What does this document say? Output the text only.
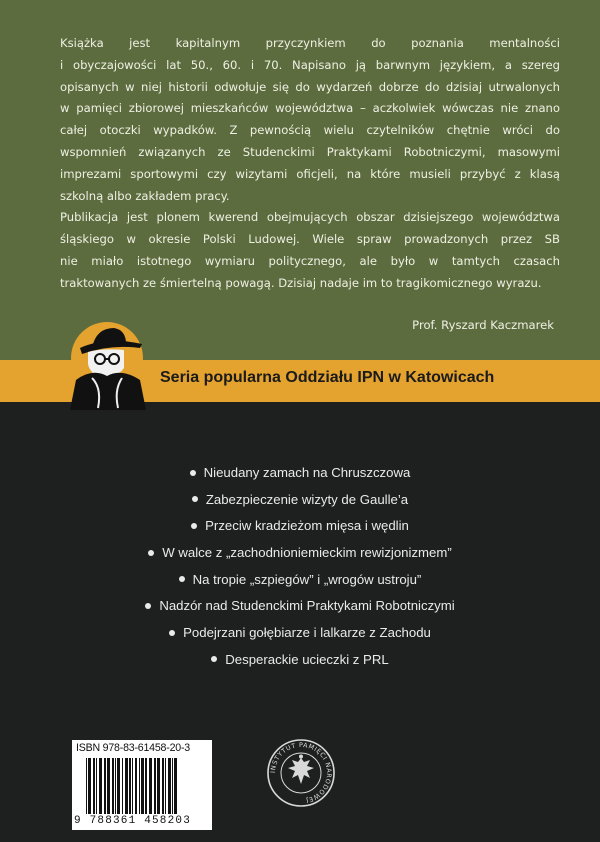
Książka jest kapitalnym przyczynkiem do poznania mentalności
i obyczajowości lat 50., 60. i 70. Napisano ją barwnym językiem, a szereg
opisanych w niej historii odwołuje się do wydarzeń dobrze do dzisiaj utrwalonych
w pamięci zbiorowej mieszkańców województwa – aczkolwiek wówczas nie znano
całej otoczki wypadków. Z pewnością wielu czytelników chętnie wróci do
wspomnień związanych ze Studenckimi Praktykami Robotniczymi, masowymi
imprezami sportowymi czy wizytami oficjeli, na które musieli przybyć z klasą
szkolną albo zakładem pracy.

Publikacja jest plonem kwerend obejmujących obszar dzisiejszego województwa
śląskiego w okresie Polski Ludowej. Wiele spraw prowadzonych przez SB
nie miało istotnego wymiaru politycznego, ale było w tamtych czasach
traktowanych ze śmiertelną powagą. Dzisiaj nadaje im to tragikomicznego wyrazu.

Prof. Ryszard Kaczmarek
Seria popularna Oddziału IPN w Katowicach
Nieudany zamach na Chruszczowa
Zabezpieczenie wizyty de Gaulle’a
Przeciw kradzieżom mięsa i wędlin
W walce z „zachodnioniemieckim rewizjonizmem”
Na tropie „szpiegów” i „wrogów ustroju”
Nadzór nad Studenckimi Praktykami Robotniczymi
Podejrzani gołębiarze i lalkarze z Zachodu
Desperackie ucieczki z PRL
ISBN 978-83-61458-20-3
9 788361 458203
INSTYTUT PAMIĘCI NARODOWEJ
